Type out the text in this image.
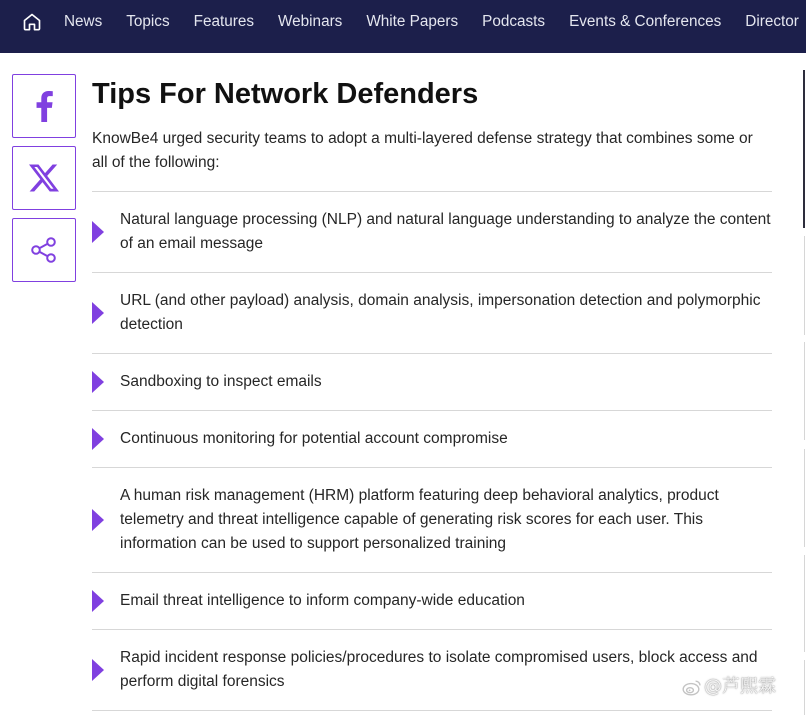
News Topics Features Webinars White Papers Podcasts Events & Conferences Director
Tips For Network Defenders

KnowBe4 urged security teams to adopt a multi-layered defense strategy that combines some or all of the following:

Natural language processing (NLP) and natural language understanding to analyze the content of an email message
URL (and other payload) analysis, domain analysis, impersonation detection and polymorphic detection
Sandboxing to inspect emails
Continuous monitoring for potential account compromise
A human risk management (HRM) platform featuring deep behavioral analytics, product telemetry and threat intelligence capable of generating risk scores for each user. This information can be used to support personalized training
Email threat intelligence to inform company-wide education
Rapid incident response policies/procedures to isolate compromised users, block access and perform digital forensics	@芦熙霖
